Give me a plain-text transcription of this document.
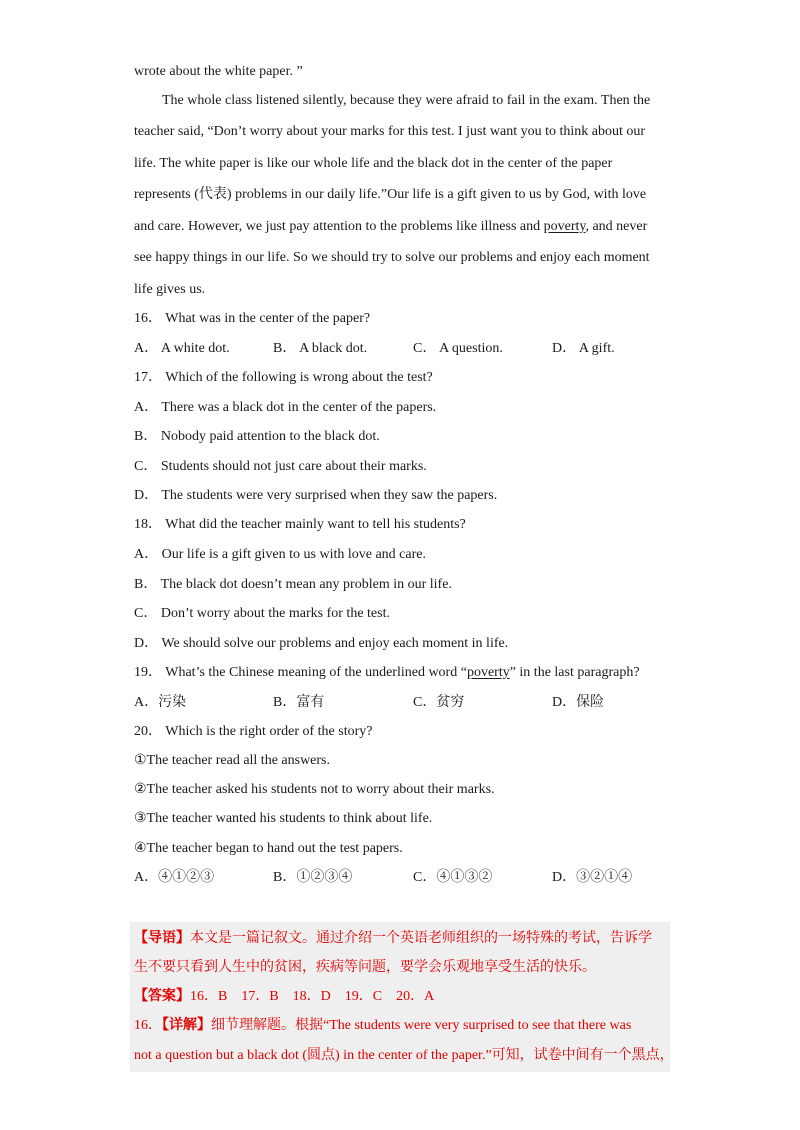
wrote about the white paper. ”
The whole class listened silently, because they were afraid to fail in the exam. Then the
teacher said, “Don’t worry about your marks for this test. I just want you to think about our
life. The white paper is like our whole life and the black dot in the center of the paper
represents (代表) problems in our daily life.”Our life is a gift given to us by God, with love
and care. However, we just pay attention to the problems like illness and poverty, and never
see happy things in our life. So we should try to solve our problems and enjoy each moment
life gives us.
16． What was in the center of the paper?
A． A white dot.	B． A black dot.	C． A question.	D． A gift.
17． Which of the following is wrong about the test?
A． There was a black dot in the center of the papers.
B． Nobody paid attention to the black dot.
C． Students should not just care about their marks.
D． The students were very surprised when they saw the papers.
18． What did the teacher mainly want to tell his students?
A． Our life is a gift given to us with love and care.
B． The black dot doesn’t mean any problem in our life.
C． Don’t worry about the marks for the test.
D． We should solve our problems and enjoy each moment in life.
19． What’s the Chinese meaning of the underlined word “poverty” in the last paragraph?
A．污染	B．富有	C．贫穷	D．保险
20． Which is the right order of the story?
①The teacher read all the answers.
②The teacher asked his students not to worry about their marks.
③The teacher wanted his students to think about life.
④The teacher began to hand out the test papers.
A．④①②③	B．①②③④	C．④①③②	D．③②①④
【导语】本文是一篇记叙文。通过介绍一个英语老师组织的一场特殊的考试，告诉学
生不要只看到人生中的贫困，疾病等问题，要学会乐观地享受生活的快乐。
【答案】16．B　17．B　18．D　19．C　20．A
16．【详解】细节理解题。根据“The students were very surprised to see that there was
not a question but a black dot (圆点) in the center of the paper.”可知，试卷中间有一个黑点，
